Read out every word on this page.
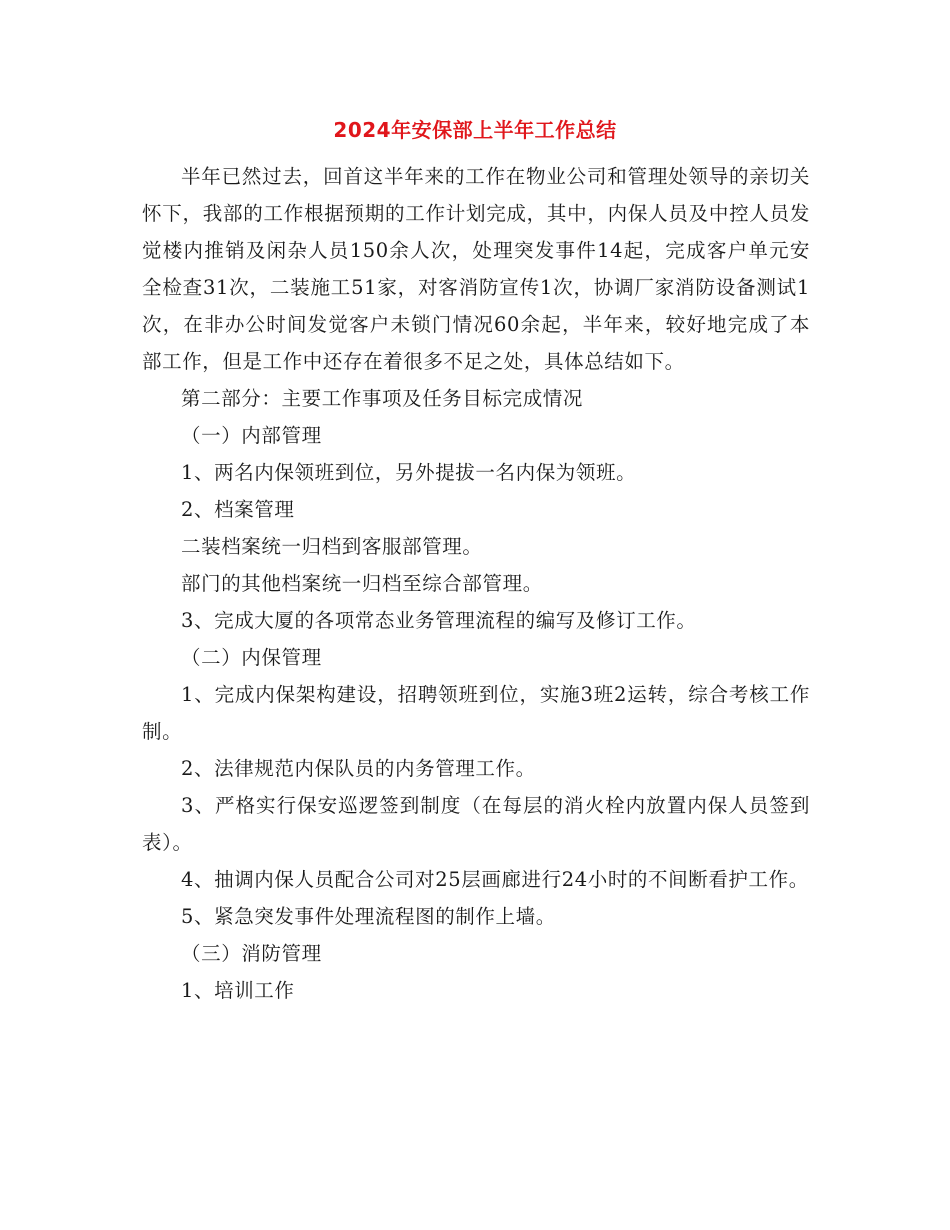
2024年安保部上半年工作总结

半年已然过去，回首这半年来的工作在物业公司和管理处领导的亲切关怀下，我部的工作根据预期的工作计划完成，其中，内保人员及中控人员发觉楼内推销及闲杂人员150余人次，处理突发事件14起，完成客户单元安全检查31次，二装施工51家，对客消防宣传1次，协调厂家消防设备测试1次，在非办公时间发觉客户未锁门情况60余起，半年来，较好地完成了本部工作，但是工作中还存在着很多不足之处，具体总结如下。

第二部分：主要工作事项及任务目标完成情况

（一）内部管理

1、两名内保领班到位，另外提拔一名内保为领班。

2、档案管理

二装档案统一归档到客服部管理。

部门的其他档案统一归档至综合部管理。

3、完成大厦的各项常态业务管理流程的编写及修订工作。

（二）内保管理

1、完成内保架构建设，招聘领班到位，实施3班2运转，综合考核工作制。

2、法律规范内保队员的内务管理工作。

3、严格实行保安巡逻签到制度（在每层的消火栓内放置内保人员签到表）。

4、抽调内保人员配合公司对25层画廊进行24小时的不间断看护工作。

5、紧急突发事件处理流程图的制作上墙。

（三）消防管理

1、培训工作
